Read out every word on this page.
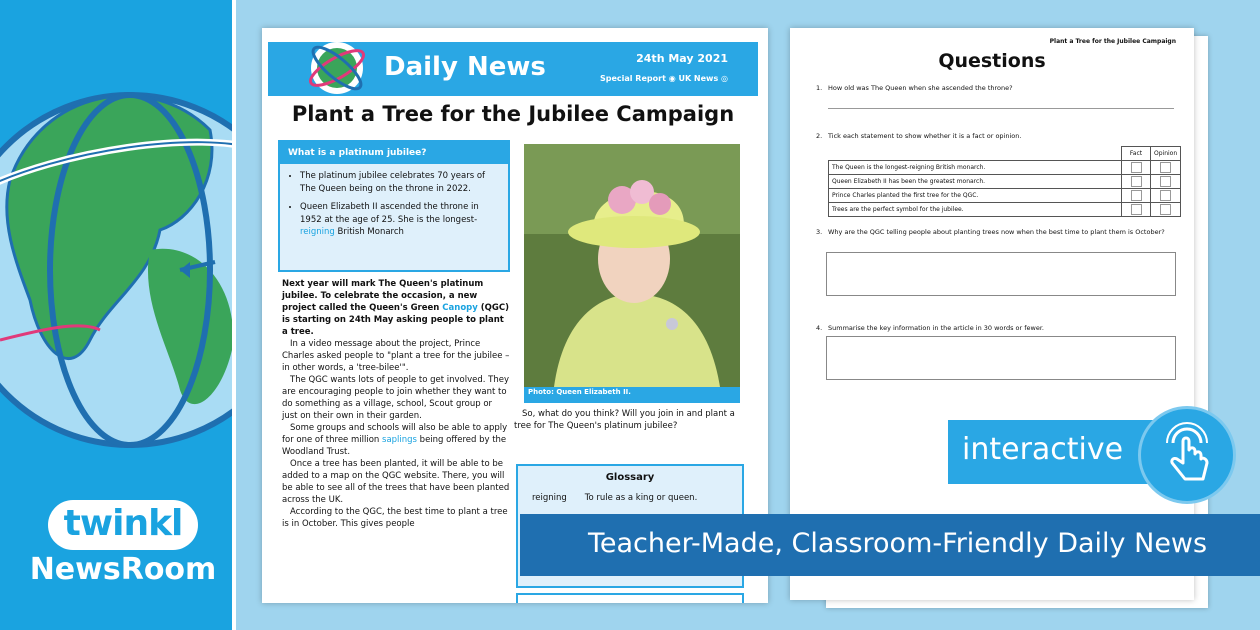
twinkl
NewsRoom
Daily News	24th May 2021
Special Report ◉ UK News ◎
Plant a Tree for the Jubilee Campaign
What is a platinum jubilee?
• The platinum jubilee celebrates 70 years of The Queen being on the throne in 2022.
• Queen Elizabeth II ascended the throne in 1952 at the age of 25. She is the longest-reigning British Monarch

Next year will mark The Queen's platinum jubilee. To celebrate the occasion, a new project called the Queen's Green Canopy (QGC) is starting on 24th May asking people to plant a tree.

In a video message about the project, Prince Charles asked people to "plant a tree for the jubilee – in other words, a 'tree-bilee'".

The QGC wants lots of people to get involved. They are encouraging people to join whether they want to do something as a village, school, Scout group or just on their own in their garden.

Some groups and schools will also be able to apply for one of three million saplings being offered by the Woodland Trust.

Once a tree has been planted, it will be able to be added to a map on the QGC website. There, you will be able to see all of the trees that have been planted across the UK.

According to the QGC, the best time to plant a tree is in October. This gives people

Photo: Queen Elizabeth II.
So, what do you think? Will you join in and plant a tree for The Queen's platinum jubilee?
Glossary
reigning To rule as a king or queen.
Plant a Tree for the Jubilee Campaign
Questions
1. How old was The Queen when she ascended the throne?
2. Tick each statement to show whether it is a fact or opinion.
	Fact	Opinion
The Queen is the longest-reigning British monarch.		
Queen Elizabeth II has been the greatest monarch.		
Prince Charles planted the first tree for the QGC.		
Trees are the perfect symbol for the jubilee.		
3. Why are the QGC telling people about planting trees now when the best time to plant them is October?
4. Summarise the key information in the article in 30 words or fewer.
interactive
Teacher-Made, Classroom-Friendly Daily News
